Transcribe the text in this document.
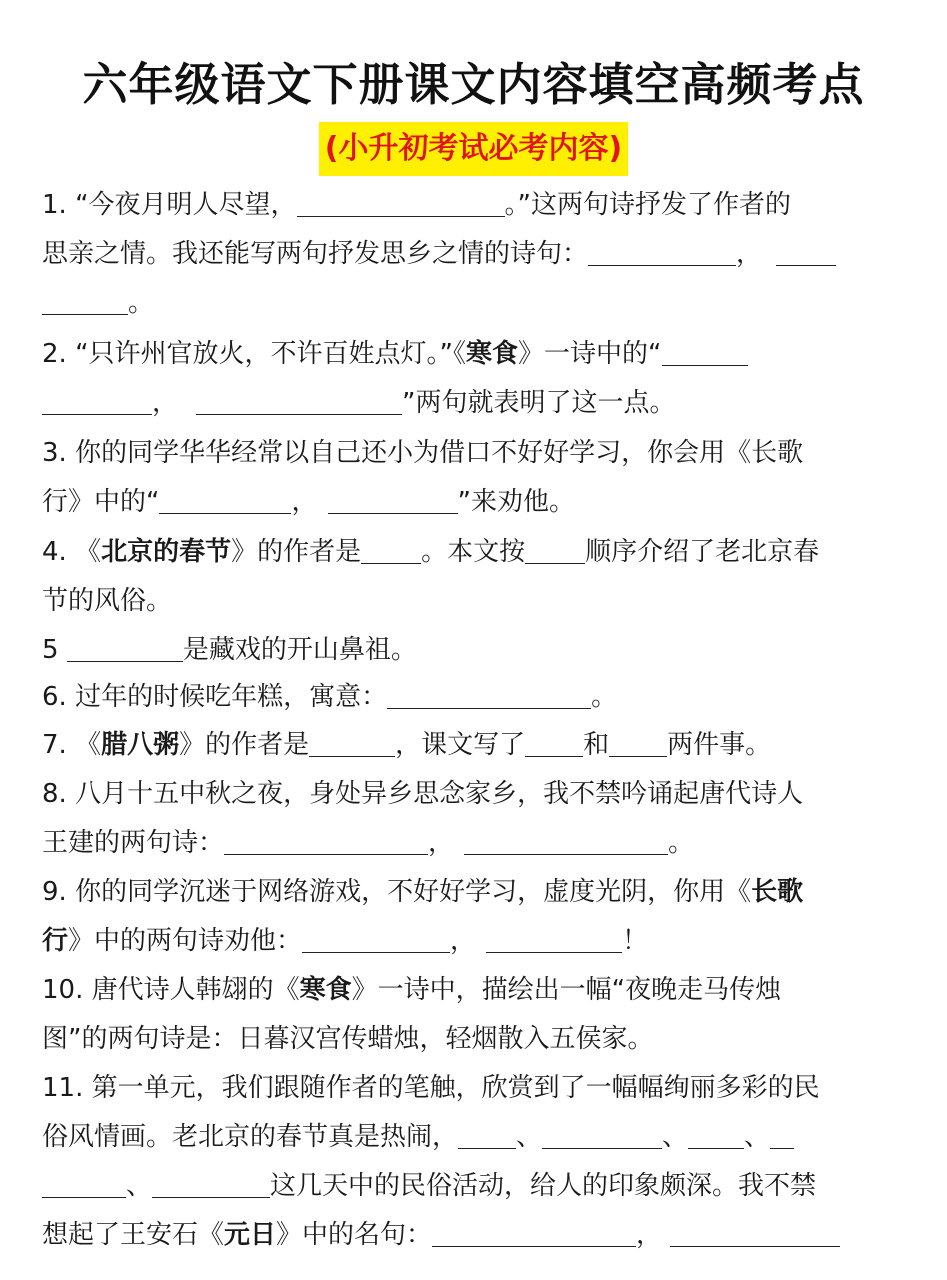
六年级语文下册课文内容填空高频考点
(小升初考试必考内容)
1. “今夜月明人尽望，	。”这两句诗抒发了作者的
思亲之情。我还能写两句抒发思乡之情的诗句：	，
。
2. “只许州官放火，不许百姓点灯。”《寒食》一诗中的“
，	”两句就表明了这一点。
3. 你的同学华华经常以自己还小为借口不好好学习，你会用《长歌
行》中的“	，	”来劝他。
4. 《北京的春节》的作者是 。本文按 顺序介绍了老北京春
节的风俗。
5	是藏戏的开山鼻祖。
6. 过年的时候吃年糕，寓意：	。
7. 《腊八粥》的作者是	，课文写了 和 两件事。
8. 八月十五中秋之夜，身处异乡思念家乡，我不禁吟诵起唐代诗人
王建的两句诗：	，	。
9. 你的同学沉迷于网络游戏，不好好学习，虚度光阴，你用《长歌
行》中的两句诗劝他：	，	！
10. 唐代诗人韩翃的《寒食》一诗中，描绘出一幅“夜晚走马传烛
图”的两句诗是：日暮汉宫传蜡烛，轻烟散入五侯家。
11. 第一单元，我们跟随作者的笔触，欣赏到了一幅幅绚丽多彩的民
俗风情画。老北京的春节真是热闹， 、	、 、
、	这几天中的民俗活动，给人的印象颇深。我不禁
想起了王安石《元日》中的名句：	，
